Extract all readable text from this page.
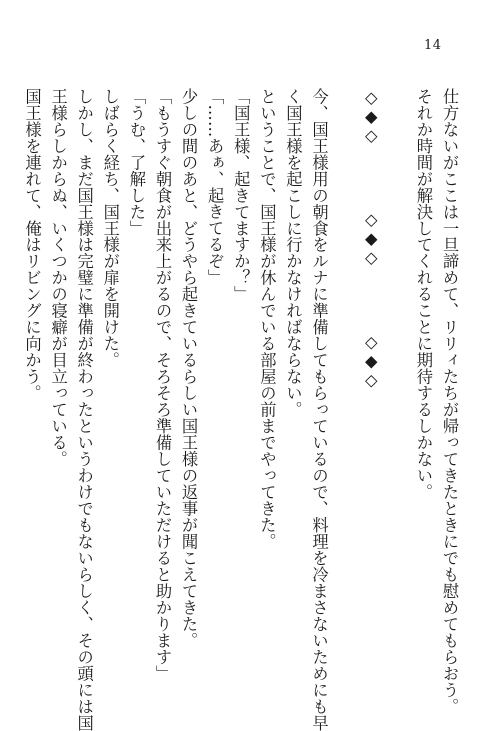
14
仕方ないがここは一旦諦めて、リリィたちが帰ってきたときにでも慰めてもらおう。
それか時間が解決してくれることに期待するしかない。

◇◆◇　　　　◇◆◇　　　　◇◆◇

今、国王様用の朝食をルナに準備してもらっているので、料理を冷まさないためにも早
く国王様を起こしに行かなければならない。
ということで、国王様が休んでいる部屋の前までやってきた。
「国王様、起きてますか？」
「……あぁ、起きてるぞ」
少しの間のあと、どうやら起きているらしい国王様の返事が聞こえてきた。
「もうすぐ朝食が出来上がるので、そろそろ準備していただけると助かります」
「うむ、了解した」
しばらく経ち、国王様が扉を開けた。
しかし、まだ国王様は完璧に準備が終わったというわけでもないらしく、その頭には国
王様らしからぬ、いくつかの寝癖が目立っている。
国王様を連れて、俺はリビングに向かう。
